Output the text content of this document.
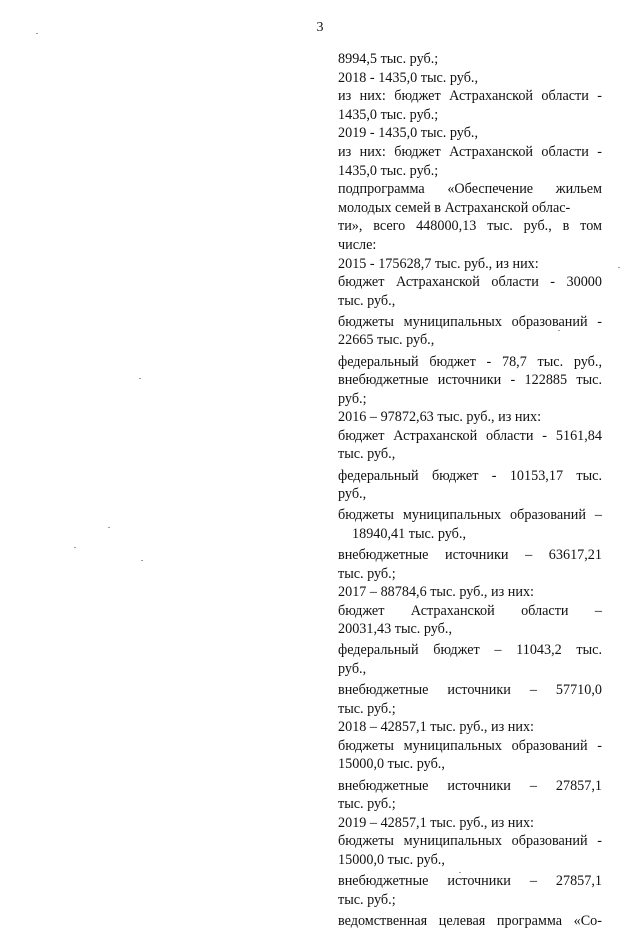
3
8994,5 тыс. руб.;
2018 - 1435,0 тыс. руб.,
из них: бюджет Астраханской области -
1435,0 тыс. руб.;
2019 - 1435,0 тыс. руб.,
из них: бюджет Астраханской области -
1435,0 тыс. руб.;
подпрограмма «Обеспечение жильем
молодых семей в Астраханской облас-
ти», всего 448000,13 тыс. руб., в том
числе:
2015 - 175628,7 тыс. руб., из них:
бюджет Астраханской области - 30000
тыс. руб.,
бюджеты муниципальных образований -
22665 тыс. руб.,
федеральный бюджет - 78,7 тыс. руб.,
внебюджетные источники - 122885 тыс.
руб.;
2016 – 97872,63 тыс. руб., из них:
бюджет Астраханской области - 5161,84
тыс. руб.,
федеральный бюджет - 10153,17 тыс.
руб.,
бюджеты муниципальных образований –
18940,41 тыс. руб.,
внебюджетные источники – 63617,21
тыс. руб.;
2017 – 88784,6 тыс. руб., из них:
бюджет Астраханской области –
20031,43 тыс. руб.,
федеральный бюджет – 11043,2 тыс.
руб.,
внебюджетные источники – 57710,0
тыс. руб.;
2018 – 42857,1 тыс. руб., из них:
бюджеты муниципальных образований -
15000,0 тыс. руб.,
внебюджетные источники – 27857,1
тыс. руб.;
2019 – 42857,1 тыс. руб., из них:
бюджеты муниципальных образований -
15000,0 тыс. руб.,
внебюджетные источники – 27857,1
тыс. руб.;
ведомственная целевая программа «Со-
